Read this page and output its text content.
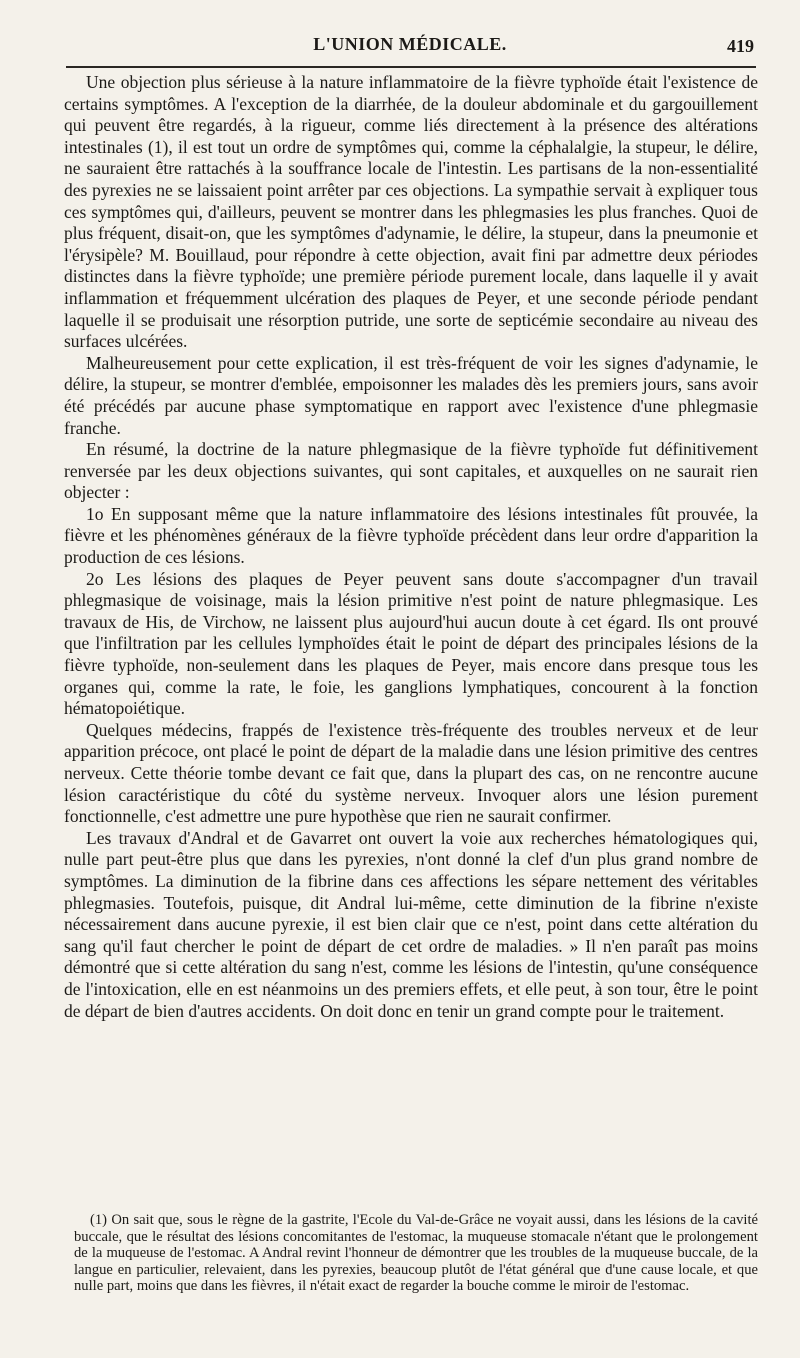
L'UNION MÉDICALE.	419

Une objection plus sérieuse à la nature inflammatoire de la fièvre typhoïde était l'existence de certains symptômes. A l'exception de la diarrhée, de la douleur abdominale et du gargouillement qui peuvent être regardés, à la rigueur, comme liés directement à la présence des altérations intestinales (1), il est tout un ordre de symptômes qui, comme la céphalalgie, la stupeur, le délire, ne sauraient être rattachés à la souffrance locale de l'intestin. Les partisans de la non-essentialité des pyrexies ne se laissaient point arrêter par ces objections. La sympathie servait à expliquer tous ces symptômes qui, d'ailleurs, peuvent se montrer dans les phlegmasies les plus franches. Quoi de plus fréquent, disait-on, que les symptômes d'adynamie, le délire, la stupeur, dans la pneumonie et l'érysipèle? M. Bouillaud, pour répondre à cette objection, avait fini par admettre deux périodes distinctes dans la fièvre typhoïde; une première période purement locale, dans laquelle il y avait inflammation et fréquemment ulcération des plaques de Peyer, et une seconde période pendant laquelle il se produisait une résorption putride, une sorte de septicémie secondaire au niveau des surfaces ulcérées.

Malheureusement pour cette explication, il est très-fréquent de voir les signes d'adynamie, le délire, la stupeur, se montrer d'emblée, empoisonner les malades dès les premiers jours, sans avoir été précédés par aucune phase symptomatique en rapport avec l'existence d'une phlegmasie franche.

En résumé, la doctrine de la nature phlegmasique de la fièvre typhoïde fut définitivement renversée par les deux objections suivantes, qui sont capitales, et auxquelles on ne saurait rien objecter :

1o En supposant même que la nature inflammatoire des lésions intestinales fût prouvée, la fièvre et les phénomènes généraux de la fièvre typhoïde précèdent dans leur ordre d'apparition la production de ces lésions.

2o Les lésions des plaques de Peyer peuvent sans doute s'accompagner d'un travail phlegmasique de voisinage, mais la lésion primitive n'est point de nature phlegmasique. Les travaux de His, de Virchow, ne laissent plus aujourd'hui aucun doute à cet égard. Ils ont prouvé que l'infiltration par les cellules lymphoïdes était le point de départ des principales lésions de la fièvre typhoïde, non-seulement dans les plaques de Peyer, mais encore dans presque tous les organes qui, comme la rate, le foie, les ganglions lymphatiques, concourent à la fonction hématopoiétique.

Quelques médecins, frappés de l'existence très-fréquente des troubles nerveux et de leur apparition précoce, ont placé le point de départ de la maladie dans une lésion primitive des centres nerveux. Cette théorie tombe devant ce fait que, dans la plupart des cas, on ne rencontre aucune lésion caractéristique du côté du système nerveux. Invoquer alors une lésion purement fonctionnelle, c'est admettre une pure hypothèse que rien ne saurait confirmer.

Les travaux d'Andral et de Gavarret ont ouvert la voie aux recherches hématologiques qui, nulle part peut-être plus que dans les pyrexies, n'ont donné la clef d'un plus grand nombre de symptômes. La diminution de la fibrine dans ces affections les sépare nettement des véritables phlegmasies. Toutefois, puisque, dit Andral lui-même, cette diminution de la fibrine n'existe nécessairement dans aucune pyrexie, il est bien clair que ce n'est, point dans cette altération du sang qu'il faut chercher le point de départ de cet ordre de maladies. » Il n'en paraît pas moins démontré que si cette altération du sang n'est, comme les lésions de l'intestin, qu'une conséquence de l'intoxication, elle en est néanmoins un des premiers effets, et elle peut, à son tour, être le point de départ de bien d'autres accidents. On doit donc en tenir un grand compte pour le traitement.

(1) On sait que, sous le règne de la gastrite, l'Ecole du Val-de-Grâce ne voyait aussi, dans les lésions de la cavité buccale, que le résultat des lésions concomitantes de l'estomac, la muqueuse stomacale n'étant que le prolongement de la muqueuse de l'estomac. A Andral revint l'honneur de démontrer que les troubles de la muqueuse buccale, de la langue en particulier, relevaient, dans les pyrexies, beaucoup plutôt de l'état général que d'une cause locale, et que nulle part, moins que dans les fièvres, il n'était exact de regarder la bouche comme le miroir de l'estomac.
